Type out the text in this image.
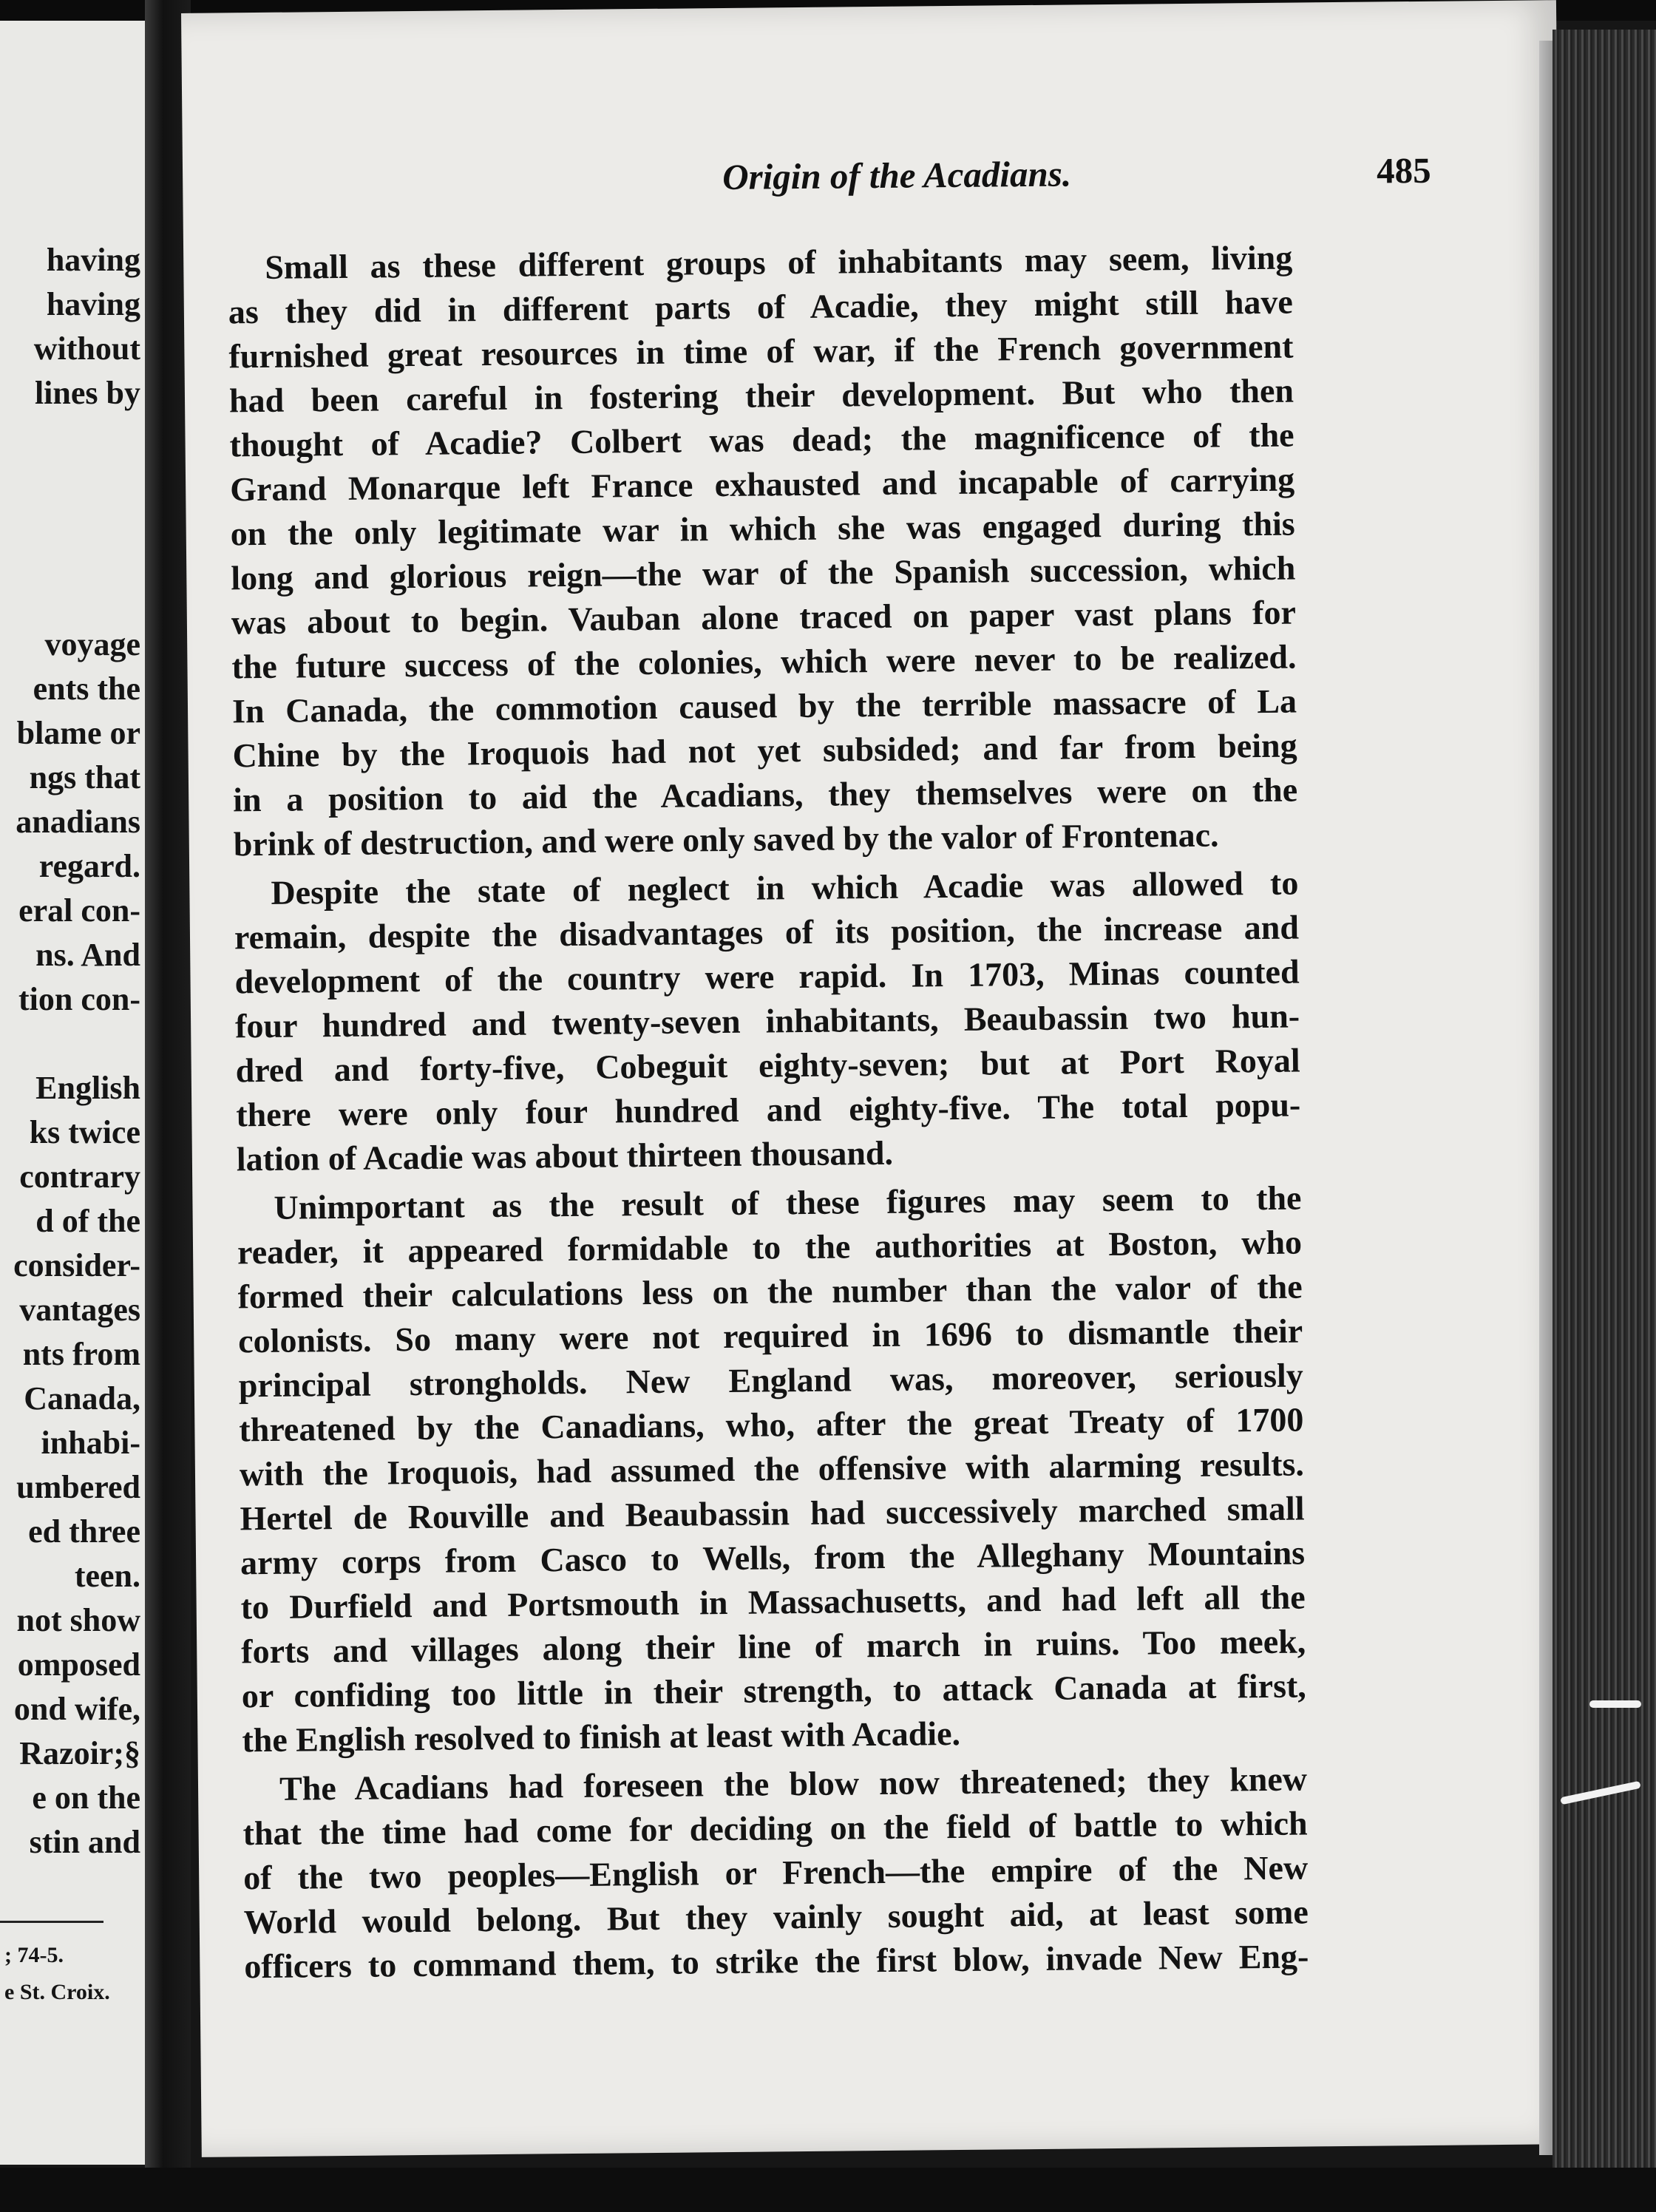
having
having
without
lines by
voyage
ents the
blame or
ngs that
anadians
regard.
eral con-
ns. And
tion con-
English
ks twice
contrary
d of the
consider-
vantages
nts from
Canada,
inhabi-
umbered
ed three
teen.
not show
omposed
ond wife,
Razoir;§
e on the
stin and
; 74-5.
e St. Croix.
Origin of the Acadians.	485
Small as these different groups of inhabitants may seem, living
as they did in different parts of Acadie, they might still have
furnished great resources in time of war, if the French government
had been careful in fostering their development. But who then
thought of Acadie? Colbert was dead; the magnificence of the
Grand Monarque left France exhausted and incapable of carrying
on the only legitimate war in which she was engaged during this
long and glorious reign—the war of the Spanish succession, which
was about to begin. Vauban alone traced on paper vast plans for
the future success of the colonies, which were never to be realized.
In Canada, the commotion caused by the terrible massacre of La
Chine by the Iroquois had not yet subsided; and far from being
in a position to aid the Acadians, they themselves were on the
brink of destruction, and were only saved by the valor of Frontenac.
Despite the state of neglect in which Acadie was allowed to
remain, despite the disadvantages of its position, the increase and
development of the country were rapid. In 1703, Minas counted
four hundred and twenty-seven inhabitants, Beaubassin two hun-
dred and forty-five, Cobeguit eighty-seven; but at Port Royal
there were only four hundred and eighty-five. The total popu-
lation of Acadie was about thirteen thousand.
Unimportant as the result of these figures may seem to the
reader, it appeared formidable to the authorities at Boston, who
formed their calculations less on the number than the valor of the
colonists. So many were not required in 1696 to dismantle their
principal strongholds. New England was, moreover, seriously
threatened by the Canadians, who, after the great Treaty of 1700
with the Iroquois, had assumed the offensive with alarming results.
Hertel de Rouville and Beaubassin had successively marched small
army corps from Casco to Wells, from the Alleghany Mountains
to Durfield and Portsmouth in Massachusetts, and had left all the
forts and villages along their line of march in ruins. Too meek,
or confiding too little in their strength, to attack Canada at first,
the English resolved to finish at least with Acadie.
The Acadians had foreseen the blow now threatened; they knew
that the time had come for deciding on the field of battle to which
of the two peoples—English or French—the empire of the New
World would belong. But they vainly sought aid, at least some
officers to command them, to strike the first blow, invade New Eng-
